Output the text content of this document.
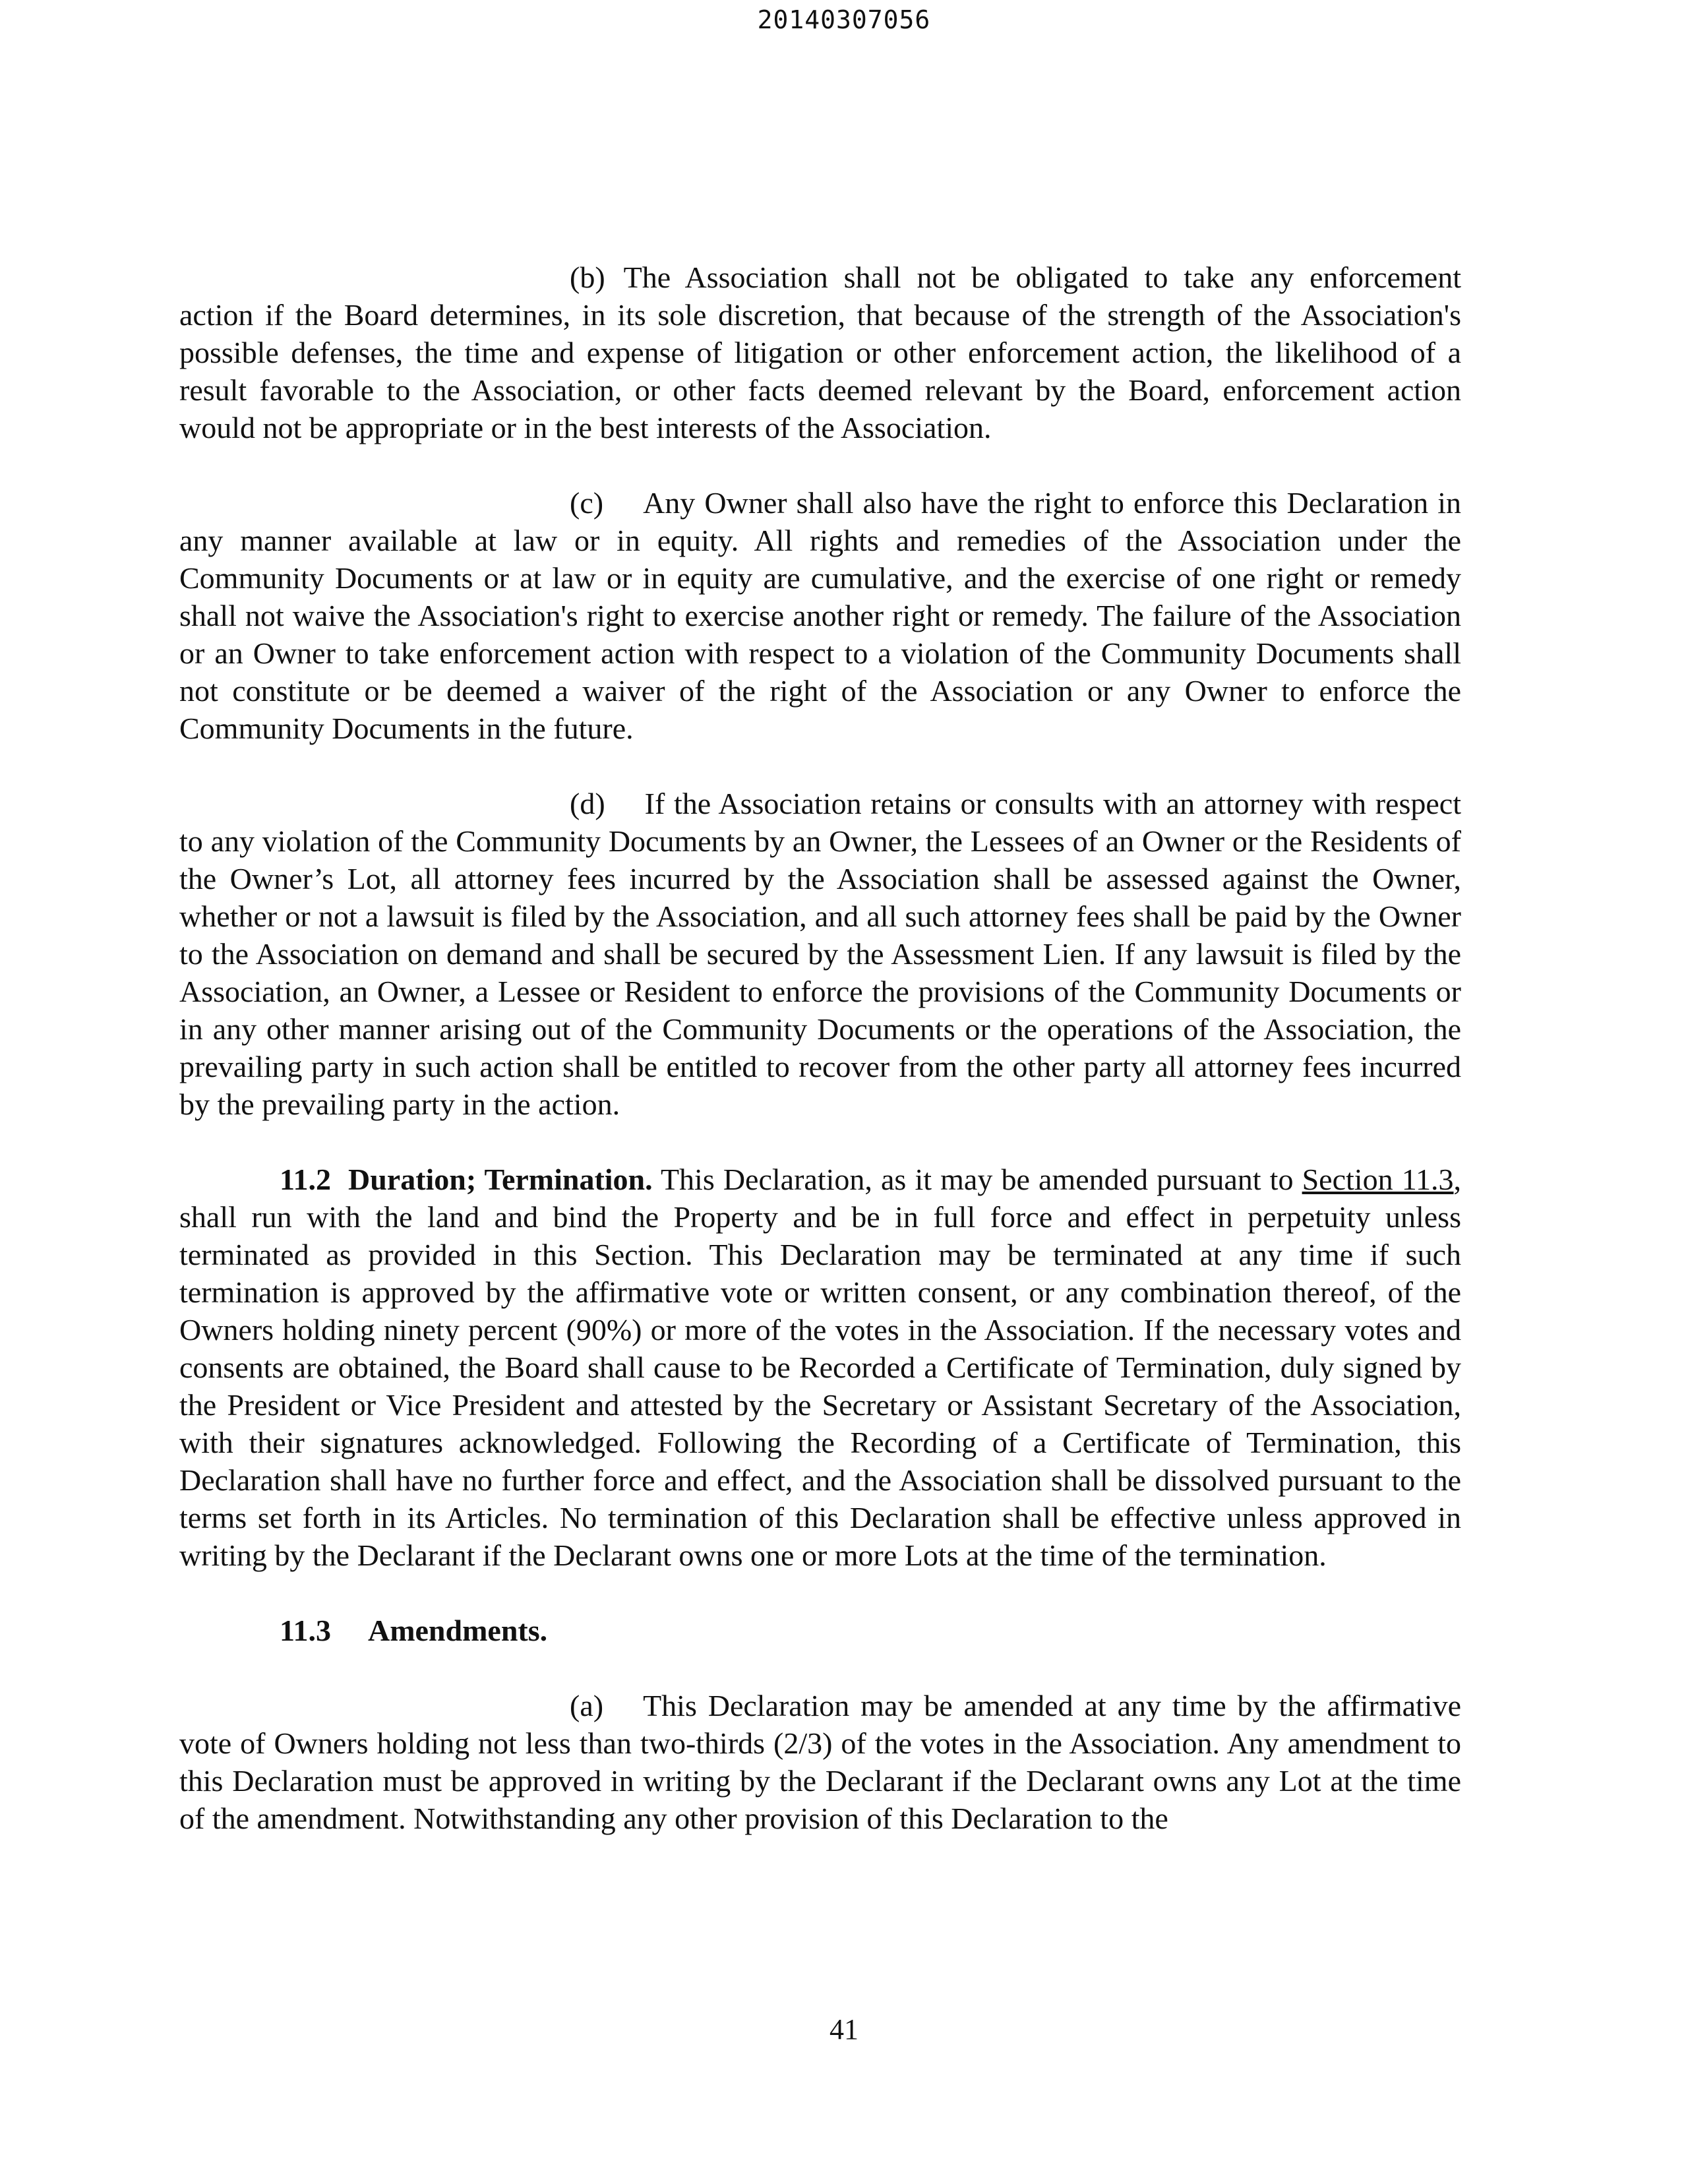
20140307056

(b) The Association shall not be obligated to take any enforcement action if the Board determines, in its sole discretion, that because of the strength of the Association's possible defenses, the time and expense of litigation or other enforcement action, the likelihood of a result favorable to the Association, or other facts deemed relevant by the Board, enforcement action would not be appropriate or in the best interests of the Association.

(c) Any Owner shall also have the right to enforce this Declaration in any manner available at law or in equity. All rights and remedies of the Association under the Community Documents or at law or in equity are cumulative, and the exercise of one right or remedy shall not waive the Association's right to exercise another right or remedy. The failure of the Association or an Owner to take enforcement action with respect to a violation of the Community Documents shall not constitute or be deemed a waiver of the right of the Association or any Owner to enforce the Community Documents in the future.

(d) If the Association retains or consults with an attorney with respect to any violation of the Community Documents by an Owner, the Lessees of an Owner or the Residents of the Owner’s Lot, all attorney fees incurred by the Association shall be assessed against the Owner, whether or not a lawsuit is filed by the Association, and all such attorney fees shall be paid by the Owner to the Association on demand and shall be secured by the Assessment Lien. If any lawsuit is filed by the Association, an Owner, a Lessee or Resident to enforce the provisions of the Community Documents or in any other manner arising out of the Community Documents or the operations of the Association, the prevailing party in such action shall be entitled to recover from the other party all attorney fees incurred by the prevailing party in the action.

11.2 Duration; Termination. This Declaration, as it may be amended pursuant to Section 11.3, shall run with the land and bind the Property and be in full force and effect in perpetuity unless terminated as provided in this Section. This Declaration may be terminated at any time if such termination is approved by the affirmative vote or written consent, or any combination thereof, of the Owners holding ninety percent (90%) or more of the votes in the Association. If the necessary votes and consents are obtained, the Board shall cause to be Recorded a Certificate of Termination, duly signed by the President or Vice President and attested by the Secretary or Assistant Secretary of the Association, with their signatures acknowledged. Following the Recording of a Certificate of Termination, this Declaration shall have no further force and effect, and the Association shall be dissolved pursuant to the terms set forth in its Articles. No termination of this Declaration shall be effective unless approved in writing by the Declarant if the Declarant owns one or more Lots at the time of the termination.

11.3 Amendments.

(a) This Declaration may be amended at any time by the affirmative vote of Owners holding not less than two-thirds (2/3) of the votes in the Association. Any amendment to this Declaration must be approved in writing by the Declarant if the Declarant owns any Lot at the time of the amendment. Notwithstanding any other provision of this Declaration to the

41
